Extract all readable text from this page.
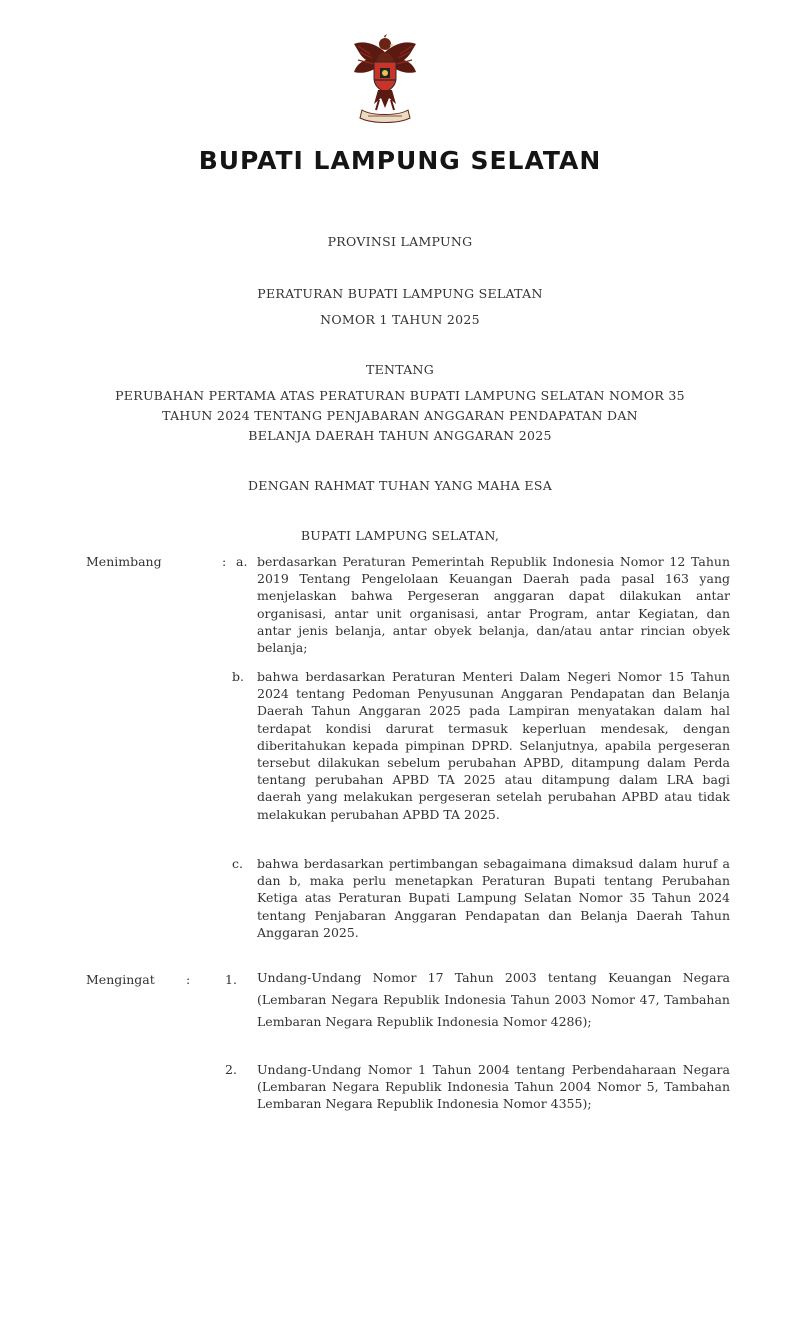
BUPATI LAMPUNG SELATAN
PROVINSI LAMPUNG
PERATURAN BUPATI LAMPUNG SELATAN
NOMOR 1 TAHUN 2025
TENTANG
PERUBAHAN PERTAMA ATAS PERATURAN BUPATI LAMPUNG SELATAN NOMOR 35
TAHUN 2024 TENTANG PENJABARAN ANGGARAN PENDAPATAN DAN
BELANJA DAERAH TAHUN ANGGARAN 2025
DENGAN RAHMAT TUHAN YANG MAHA ESA
BUPATI LAMPUNG SELATAN,
Menimbang	: a. berdasarkan Peraturan Pemerintah Republik Indonesia Nomor 12 Tahun 2019 Tentang Pengelolaan Keuangan Daerah pada pasal 163 yang menjelaskan bahwa Pergeseran anggaran dapat dilakukan antar organisasi, antar unit organisasi, antar Program, antar Kegiatan, dan antar jenis belanja, antar obyek belanja, dan/atau antar rincian obyek belanja;
b. bahwa berdasarkan Peraturan Menteri Dalam Negeri Nomor 15 Tahun 2024 tentang Pedoman Penyusunan Anggaran Pendapatan dan Belanja Daerah Tahun Anggaran 2025 pada Lampiran menyatakan dalam hal terdapat kondisi darurat termasuk keperluan mendesak, dengan diberitahukan kepada pimpinan DPRD. Selanjutnya, apabila pergeseran tersebut dilakukan sebelum perubahan APBD, ditampung dalam Perda tentang perubahan APBD TA 2025 atau ditampung dalam LRA bagi daerah yang melakukan pergeseran setelah perubahan APBD atau tidak melakukan perubahan APBD TA 2025.
c. bahwa berdasarkan pertimbangan sebagaimana dimaksud dalam huruf a dan b, maka perlu menetapkan Peraturan Bupati tentang Perubahan Ketiga atas Peraturan Bupati Lampung Selatan Nomor 35 Tahun 2024 tentang Penjabaran Anggaran Pendapatan dan Belanja Daerah Tahun Anggaran 2025.
Mengingat :	1. Undang-Undang Nomor 17 Tahun 2003 tentang Keuangan Negara (Lembaran Negara Republik Indonesia Tahun 2003 Nomor 47, Tambahan Lembaran Negara Republik Indonesia Nomor 4286);
2. Undang-Undang Nomor 1 Tahun 2004 tentang Perbendaharaan Negara (Lembaran Negara Republik Indonesia Tahun 2004 Nomor 5, Tambahan Lembaran Negara Republik Indonesia Nomor 4355);
